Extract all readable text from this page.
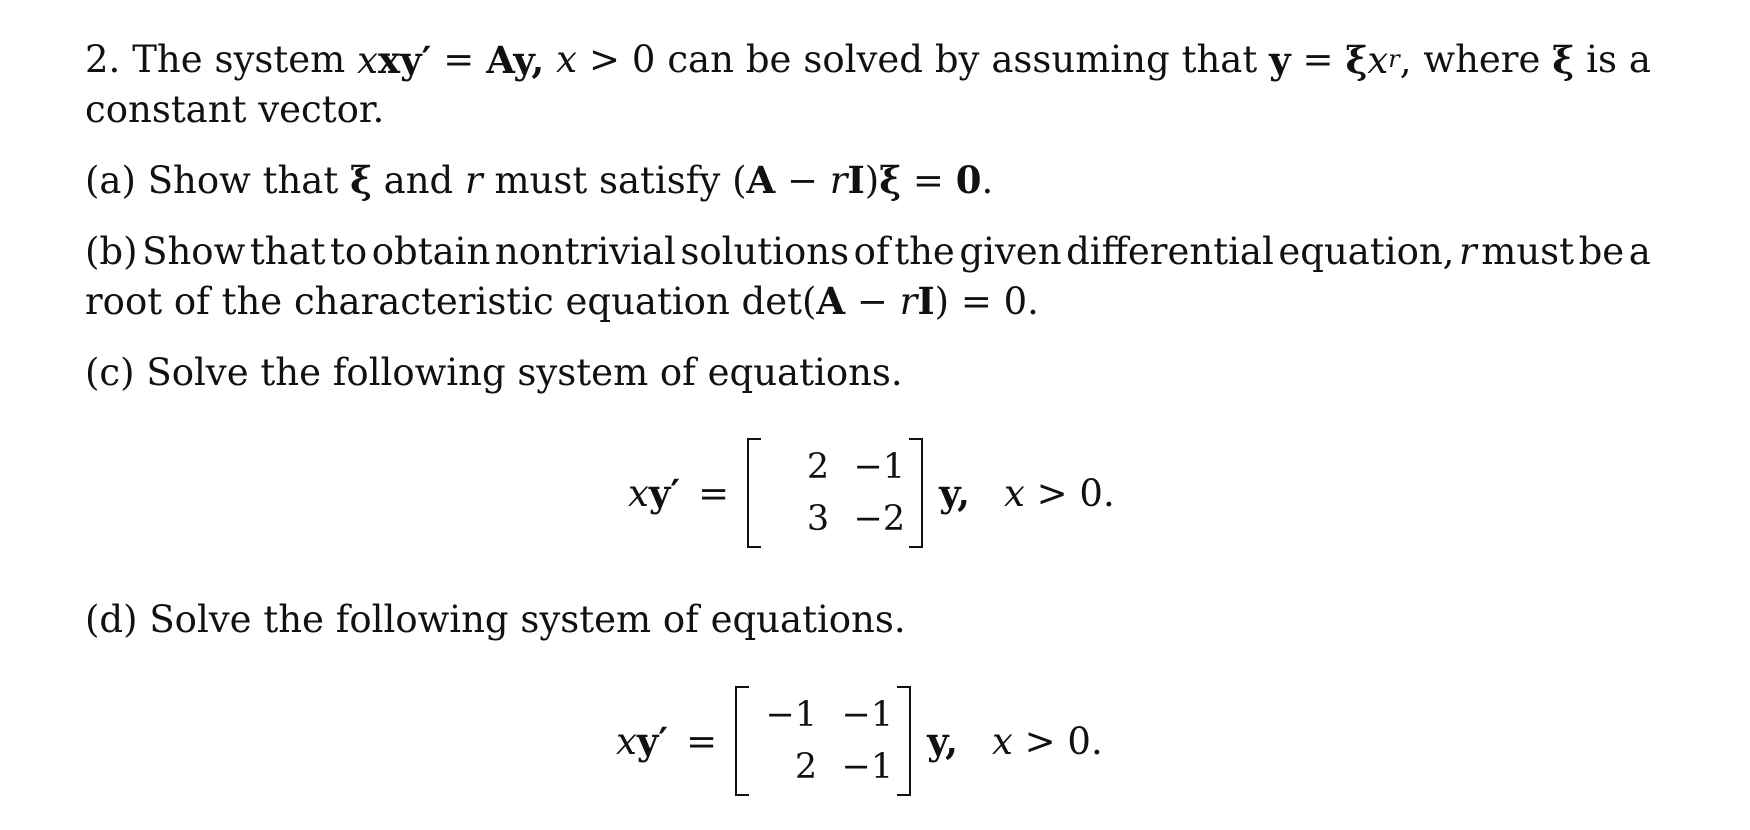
2. The system xxy′ = Ay, x > 0 can be solved by assuming that $y = \xi x^r$, where ξ is a
constant vector.
(a) Show that ξ and r must satisfy (A − rI)ξ = 0.
(b) Show that to obtain nontrivial solutions of the given differential equation, r must be a
root of the characteristic equation det(A − rI) = 0.
(c) Solve the following system of equations.
xy′ =
2 −1
3 −2
y, x > 0.
(d) Solve the following system of equations.
xy′ =
−1 −1
2 −1
y, x > 0.
